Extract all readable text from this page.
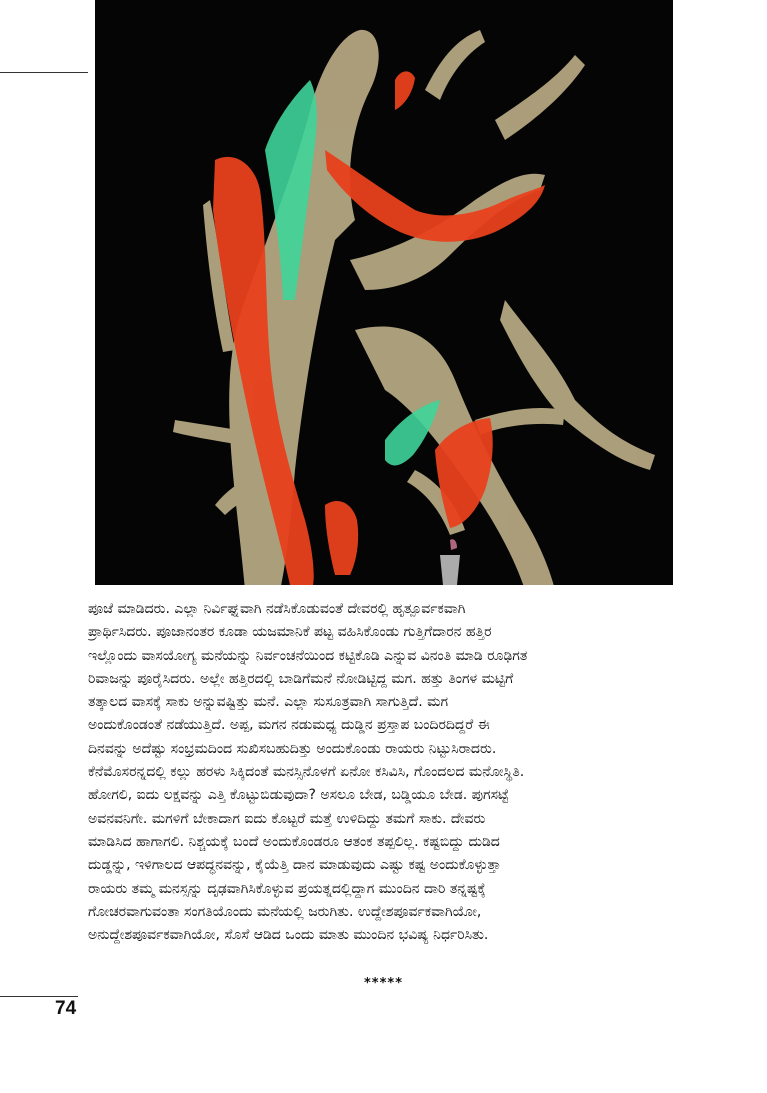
ಪೂಜೆ ಮಾಡಿದರು. ಎಲ್ಲಾ ನಿರ್ವಿಘ್ನವಾಗಿ ನಡೆಸಿಕೊಡುವಂತೆ ದೇವರಲ್ಲಿ ಹೃತ್ಪೂರ್ವಕವಾಗಿ
ಪ್ರಾರ್ಥಿಸಿದರು. ಪೂಜಾನಂತರ ಕೂಡಾ ಯಜಮಾನಿಕೆ ಪಟ್ಟ ವಹಿಸಿಕೊಂಡು ಗುತ್ತಿಗೆದಾರನ ಹತ್ತಿರ
ಇಲ್ಲೊಂದು ವಾಸಯೋಗ್ಯ ಮನೆಯನ್ನು ನಿರ್ವಂಚನೆಯಿಂದ ಕಟ್ಟಿಕೊಡಿ ಎನ್ನುವ ವಿನಂತಿ ಮಾಡಿ ರೂಢಿಗತ
ರಿವಾಜನ್ನು ಪೂರೈಸಿದರು. ಅಲ್ಲೇ ಹತ್ತಿರದಲ್ಲಿ ಬಾಡಿಗೆಮನೆ ನೋಡಿಟ್ಟಿದ್ದ ಮಗ. ಹತ್ತು ತಿಂಗಳ ಮಟ್ಟಿಗೆ
ತತ್ಕಾಲದ ವಾಸಕ್ಕೆ ಸಾಕು ಅನ್ನುವಷ್ಟಿತ್ತು ಮನೆ. ಎಲ್ಲಾ ಸುಸೂತ್ರವಾಗಿ ಸಾಗುತ್ತಿದೆ. ಮಗ
ಅಂದುಕೊಂಡಂತೆ ನಡೆಯುತ್ತಿದೆ. ಅಪ್ಪ, ಮಗನ ನಡುಮಧ್ಯ ದುಡ್ಡಿನ ಪ್ರಸ್ತಾಪ ಬಂದಿರದಿದ್ದರೆ ಈ
ದಿನವನ್ನು ಅದೆಷ್ಟು ಸಂಭ್ರಮದಿಂದ ಸುಖಿಸಬಹುದಿತ್ತು ಅಂದುಕೊಂಡು ರಾಯರು ನಿಟ್ಟುಸಿರಾದರು.
ಕೆನೆಮೊಸರನ್ನದಲ್ಲಿ ಕಲ್ಲು ಹರಳು ಸಿಕ್ಕಿದಂತೆ ಮನಸ್ಸಿನೊಳಗೆ ಏನೋ ಕಸಿವಿಸಿ, ಗೊಂದಲದ ಮನೋಸ್ಥಿತಿ.
ಹೋಗಲಿ, ಐದು ಲಕ್ಷವನ್ನು ಎತ್ತಿ ಕೊಟ್ಟುಬಿಡುವುದಾ? ಅಸಲೂ ಬೇಡ, ಬಡ್ಡಿಯೂ ಬೇಡ. ಪುಗಸಟ್ಟೆ
ಅವನವನಿಗೇ. ಮಗಳಿಗೆ ಬೇಕಾದಾಗ ಐದು ಕೊಟ್ಟರೆ ಮತ್ತೆ ಉಳಿದಿದ್ದು ತಮಗೆ ಸಾಕು. ದೇವರು
ಮಾಡಿಸಿದ ಹಾಗಾಗಲಿ. ನಿಶ್ಚಯಕ್ಕೆ ಬಂದೆ ಅಂದುಕೊಂಡರೂ ಆತಂಕ ತಪ್ಪಲಿಲ್ಲ. ಕಷ್ಟಬಿದ್ದು ದುಡಿದ
ದುಡ್ಡನ್ನು, ಇಳಿಗಾಲದ ಆಪದ್ಧನವನ್ನು, ಕೈಯೆತ್ತಿ ದಾನ ಮಾಡುವುದು ಎಷ್ಟು ಕಷ್ಟ ಅಂದುಕೊಳ್ಳುತ್ತಾ
ರಾಯರು ತಮ್ಮ ಮನಸ್ಸನ್ನು ದೃಢವಾಗಿಸಿಕೊಳ್ಳುವ ಪ್ರಯತ್ನದಲ್ಲಿದ್ದಾಗ ಮುಂದಿನ ದಾರಿ ತನ್ನಷ್ಟಕ್ಕೆ
ಗೋಚರವಾಗುವಂತಾ ಸಂಗತಿಯೊಂದು ಮನೆಯಲ್ಲಿ ಜರುಗಿತು. ಉದ್ದೇಶಪೂರ್ವಕವಾಗಿಯೋ,
ಅನುದ್ದೇಶಪೂರ್ವಕವಾಗಿಯೋ, ಸೊಸೆ ಆಡಿದ ಒಂದು ಮಾತು ಮುಂದಿನ ಭವಿಷ್ಯ ನಿರ್ಧರಿಸಿತು.
*****
74
